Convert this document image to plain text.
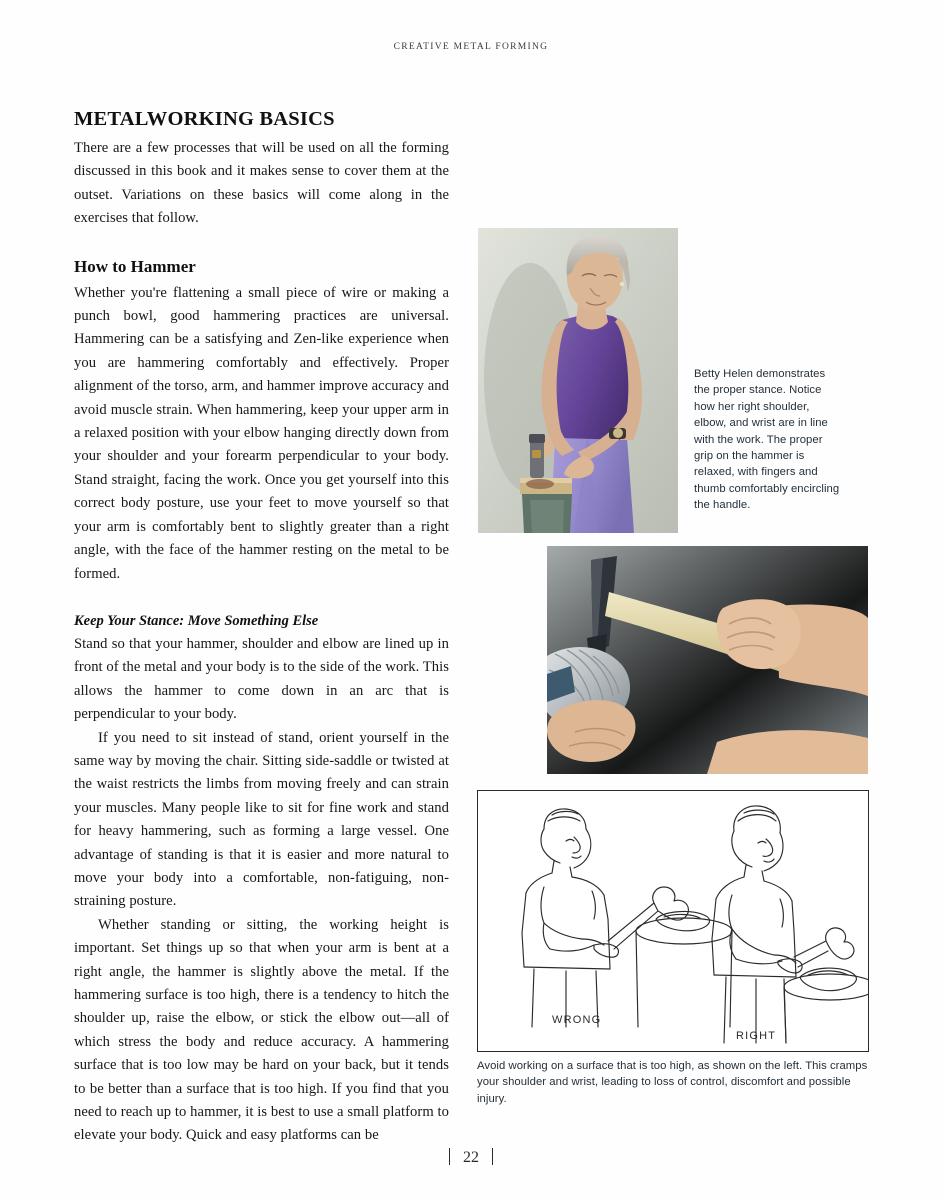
CREATIVE METAL FORMING
METALWORKING BASICS

There are a few processes that will be used on all the forming discussed in this book and it makes sense to cover them at the outset. Variations on these basics will come along in the exercises that follow.

How to Hammer

Whether you're flattening a small piece of wire or making a punch bowl, good hammering practices are universal. Hammering can be a satisfying and Zen-like experience when you are hammering comfortably and effectively. Proper alignment of the torso, arm, and hammer improve accuracy and avoid muscle strain. When hammering, keep your upper arm in a relaxed position with your elbow hanging directly down from your shoulder and your forearm perpendicular to your body. Stand straight, facing the work. Once you get yourself into this correct body posture, use your feet to move yourself so that your arm is comfortably bent to slightly greater than a right angle, with the face of the hammer resting on the metal to be formed.

Keep Your Stance: Move Something Else

Stand so that your hammer, shoulder and elbow are lined up in front of the metal and your body is to the side of the work. This allows the hammer to come down in an arc that is perpendicular to your body.

If you need to sit instead of stand, orient yourself in the same way by moving the chair. Sitting side-saddle or twisted at the waist restricts the limbs from moving freely and can strain your muscles. Many people like to sit for fine work and stand for heavy hammering, such as forming a large vessel. One advantage of standing is that it is easier and more natural to move your body into a comfortable, non-fatiguing, non-straining posture.

Whether standing or sitting, the working height is important. Set things up so that when your arm is bent at a right angle, the hammer is slightly above the metal. If the hammering surface is too high, there is a tendency to hitch the shoulder up, raise the elbow, or stick the elbow out—all of which stress the body and reduce accuracy. A hammering surface that is too low may be hard on your back, but it tends to be better than a surface that is too high. If you find that you need to reach up to hammer, it is best to use a small platform to elevate your body. Quick and easy platforms can be

Betty Helen demonstrates the proper stance. Notice how her right shoulder, elbow, and wrist are in line with the work. The proper grip on the hammer is relaxed, with fingers and thumb comfortably encircling the handle.
WRONG
RIGHT
Avoid working on a surface that is too high, as shown on the left. This cramps your shoulder and wrist, leading to loss of control, discomfort and possible injury.
22
